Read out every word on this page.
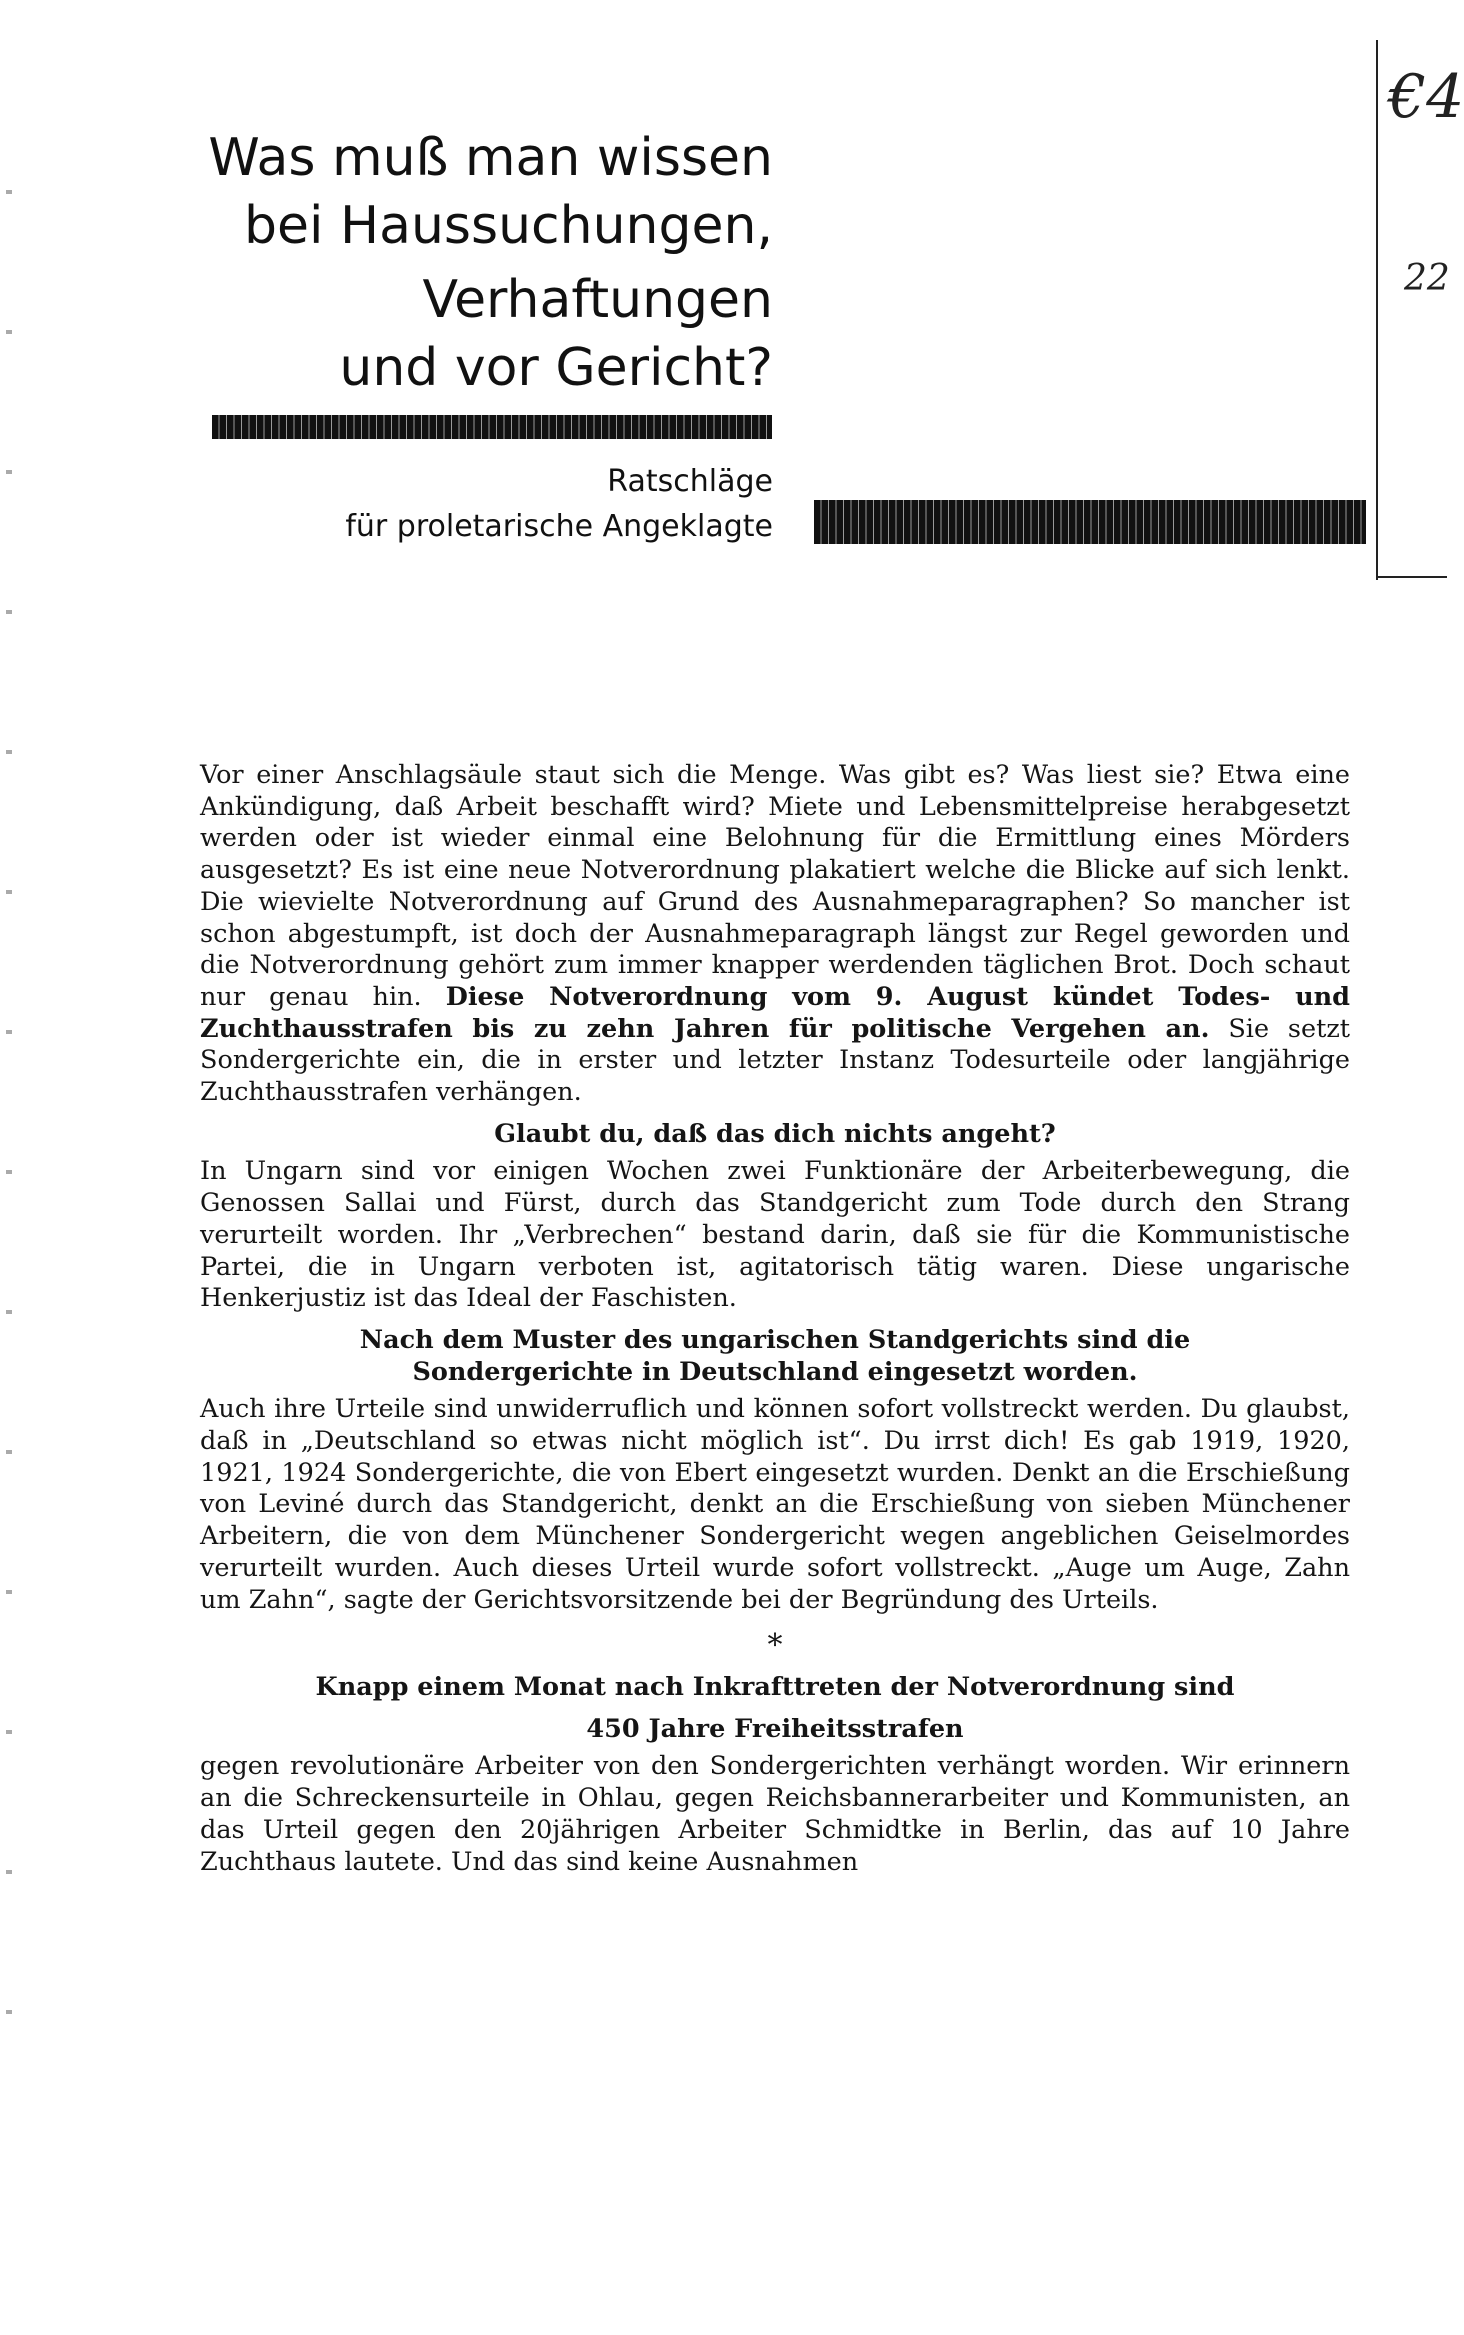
Was muß man wissen
bei Haussuchungen,
Verhaftungen
und vor Gericht?
Ratschläge
für proletarische Angeklagte
€4
22

Vor einer Anschlagsäule staut sich die Menge. Was gibt es? Was liest sie? Etwa eine Ankündigung, daß Arbeit beschafft wird? Miete und Lebensmittelpreise herabgesetzt werden oder ist wieder einmal eine Belohnung für die Ermittlung eines Mörders ausgesetzt? Es ist eine neue Notverordnung plakatiert welche die Blicke auf sich lenkt. Die wievielte Notverordnung auf Grund des Ausnahmeparagraphen? So mancher ist schon abgestumpft, ist doch der Ausnahmeparagraph längst zur Regel geworden und die Notverordnung gehört zum immer knapper werdenden täglichen Brot. Doch schaut nur genau hin. Diese Notverordnung vom 9. August kündet Todes- und Zuchthausstrafen bis zu zehn Jahren für politische Vergehen an. Sie setzt Sondergerichte ein, die in erster und letzter Instanz Todesurteile oder langjährige Zuchthausstrafen verhängen.

Glaubt du, daß das dich nichts angeht?

In Ungarn sind vor einigen Wochen zwei Funktionäre der Arbeiterbewegung, die Genossen Sallai und Fürst, durch das Standgericht zum Tode durch den Strang verurteilt worden. Ihr „Verbrechen“ bestand darin, daß sie für die Kommunistische Partei, die in Ungarn verboten ist, agitatorisch tätig waren. Diese ungarische Henkerjustiz ist das Ideal der Faschisten.

Nach dem Muster des ungarischen Standgerichts sind die Sondergerichte in Deutschland eingesetzt worden.

Auch ihre Urteile sind unwiderruflich und können sofort vollstreckt werden. Du glaubst, daß in „Deutschland so etwas nicht möglich ist“. Du irrst dich! Es gab 1919, 1920, 1921, 1924 Sondergerichte, die von Ebert eingesetzt wurden. Denkt an die Erschießung von Leviné durch das Standgericht, denkt an die Erschießung von sieben Münchener Arbeitern, die von dem Münchener Sondergericht wegen angeblichen Geiselmordes verurteilt wurden. Auch dieses Urteil wurde sofort vollstreckt. „Auge um Auge, Zahn um Zahn“, sagte der Gerichtsvorsitzende bei der Begründung des Urteils.

*

Knapp einem Monat nach Inkrafttreten der Notverordnung sind

450 Jahre Freiheitsstrafen

gegen revolutionäre Arbeiter von den Sondergerichten verhängt worden. Wir erinnern an die Schreckensurteile in Ohlau, gegen Reichsbannerarbeiter und Kommunisten, an das Urteil gegen den 20jährigen Arbeiter Schmidtke in Berlin, das auf 10 Jahre Zuchthaus lautete. Und das sind keine Ausnahmen
